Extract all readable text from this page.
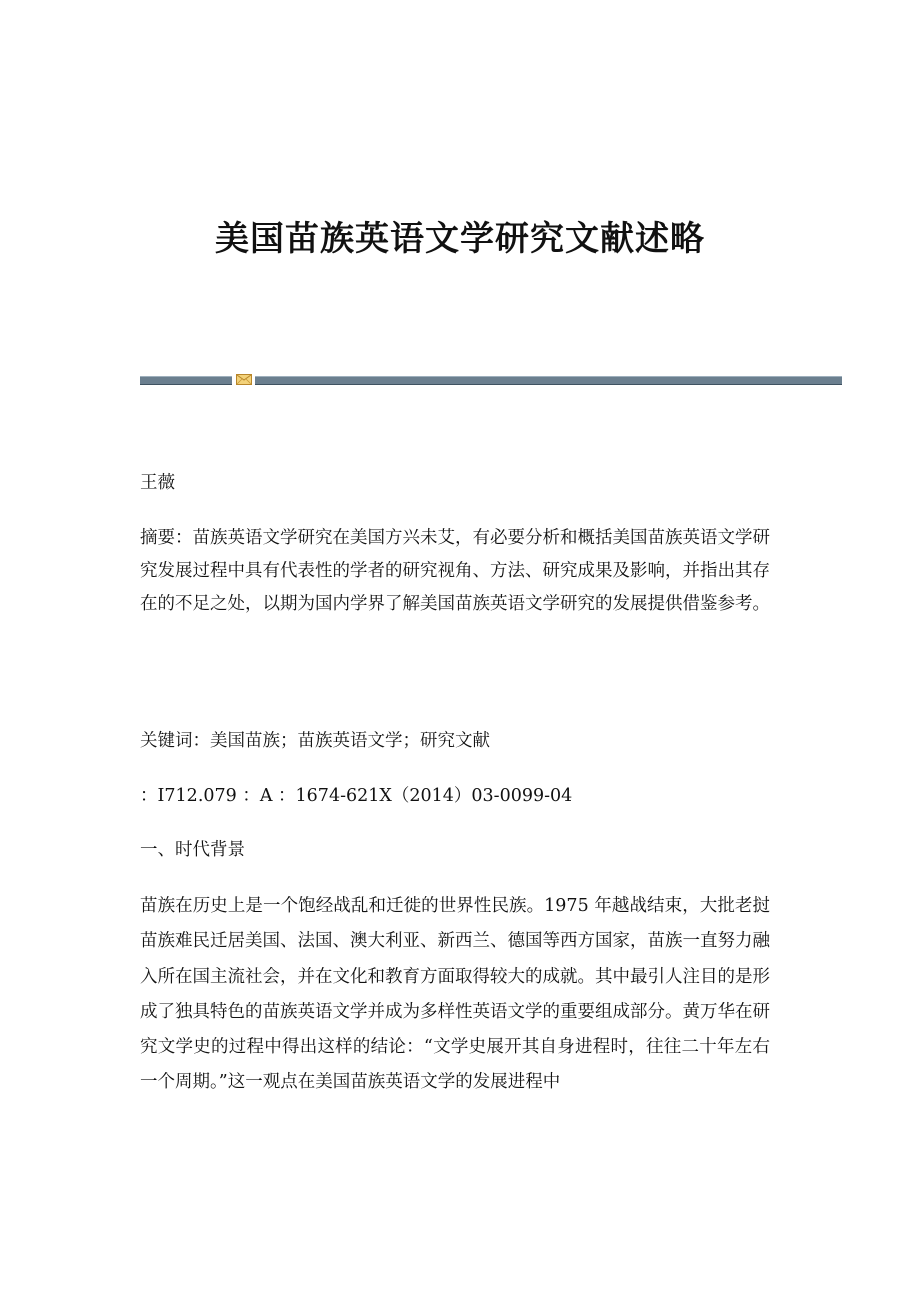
美国苗族英语文学研究文献述略

王薇

摘要：苗族英语文学研究在美国方兴未艾，有必要分析和概括美国苗族英语文学研究发展过程中具有代表性的学者的研究视角、方法、研究成果及影响，并指出其存在的不足之处，以期为国内学界了解美国苗族英语文学研究的发展提供借鉴参考。

关键词：美国苗族；苗族英语文学；研究文献

：I712.079 ：A ：1674-621X（2014）03-0099-04

一、时代背景

苗族在历史上是一个饱经战乱和迁徙的世界性民族。1975 年越战结束，大批老挝苗族难民迁居美国、法国、澳大利亚、新西兰、德国等西方国家，苗族一直努力融入所在国主流社会，并在文化和教育方面取得较大的成就。其中最引人注目的是形成了独具特色的苗族英语文学并成为多样性英语文学的重要组成部分。黄万华在研究文学史的过程中得出这样的结论：“文学史展开其自身进程时，往往二十年左右一个周期。”这一观点在美国苗族英语文学的发展进程中
